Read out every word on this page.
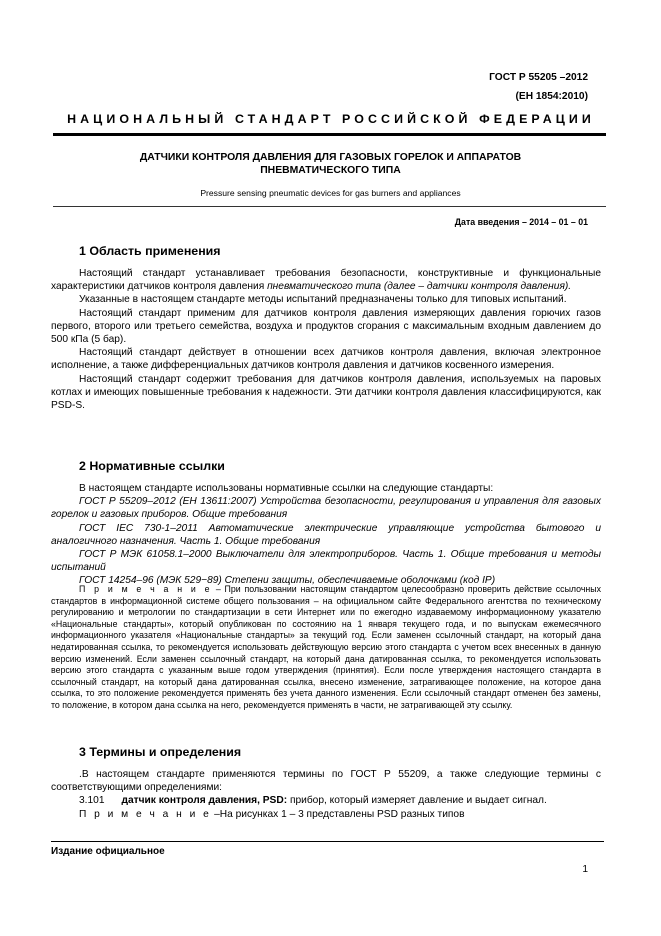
ГОСТ Р 55205 –2012
(ЕН 1854:2010)
НАЦИОНАЛЬНЫЙ СТАНДАРТ РОССИЙСКОЙ ФЕДЕРАЦИИ
ДАТЧИКИ КОНТРОЛЯ ДАВЛЕНИЯ ДЛЯ ГАЗОВЫХ ГОРЕЛОК И АППАРАТОВ
ПНЕВМАТИЧЕСКОГО ТИПА
Pressure sensing pneumatic devices for gas burners and appliances
Дата введения – 2014 – 01 – 01
1 Область применения

Настоящий стандарт устанавливает требования безопасности, конструктивные и функциональные характеристики датчиков контроля давления пневматического типа (далее – датчики контроля давления).

Указанные в настоящем стандарте методы испытаний предназначены только для типовых испытаний.

Настоящий стандарт применим для датчиков контроля давления измеряющих давления горючих газов первого, второго или третьего семейства, воздуха и продуктов сгорания с максимальным входным давлением до 500 кПа (5 бар).

Настоящий стандарт действует в отношении всех датчиков контроля давления, включая электронное исполнение, а также дифференциальных датчиков контроля давления и датчиков косвенного измерения.

Настоящий стандарт содержит требования для датчиков контроля давления, используемых на паровых котлах и имеющих повышенные требования к надежности. Эти датчики контроля давления классифицируются, как PSD-S.

2 Нормативные ссылки

В настоящем стандарте использованы нормативные ссылки на следующие стандарты:

ГОСТ Р 55209–2012 (ЕН 13611:2007) Устройства безопасности, регулирования и управления для газовых горелок и газовых приборов. Общие требования

ГОСТ IEC 730-1–2011 Автоматические электрические управляющие устройства бытового и аналогичного назначения. Часть 1. Общие требования

ГОСТ Р МЭК 61058.1–2000 Выключатели для электроприборов. Часть 1. Общие требования и методы испытаний

ГОСТ 14254–96 (МЭК 529−89) Степени защиты, обеспечиваемые оболочками (код IP)

П р и м е ч а н и е – При пользовании настоящим стандартом целесообразно проверить действие ссылочных стандартов в информационной системе общего пользования – на официальном сайте Федерального агентства по техническому регулированию и метрологии по стандартизации в сети Интернет или по ежегодно издаваемому информационному указателю «Национальные стандарты», который опубликован по состоянию на 1 января текущего года, и по выпускам ежемесячного информационного указателя «Национальные стандарты» за текущий год. Если заменен ссылочный стандарт, на который дана недатированная ссылка, то рекомендуется использовать действующую версию этого стандарта с учетом всех внесенных в данную версию изменений. Если заменен ссылочный стандарт, на который дана датированная ссылка, то рекомендуется использовать версию этого стандарта с указанным выше годом утверждения (принятия). Если после утверждения настоящего стандарта в ссылочный стандарт, на который дана датированная ссылка, внесено изменение, затрагивающее положение, на которое дана ссылка, то это положение рекомендуется применять без учета данного изменения. Если ссылочный стандарт отменен без замены, то положение, в котором дана ссылка на него, рекомендуется применять в части, не затрагивающей эту ссылку.

3 Термины и определения

.В настоящем стандарте применяются термины по ГОСТ Р 55209, а также следующие термины с соответствующими определениями:

3.101 датчик контроля давления, PSD: прибор, который измеряет давление и выдает сигнал.

П р и м е ч а н и е –На рисунках 1 – 3 представлены PSD разных типов

Издание официальное
1
